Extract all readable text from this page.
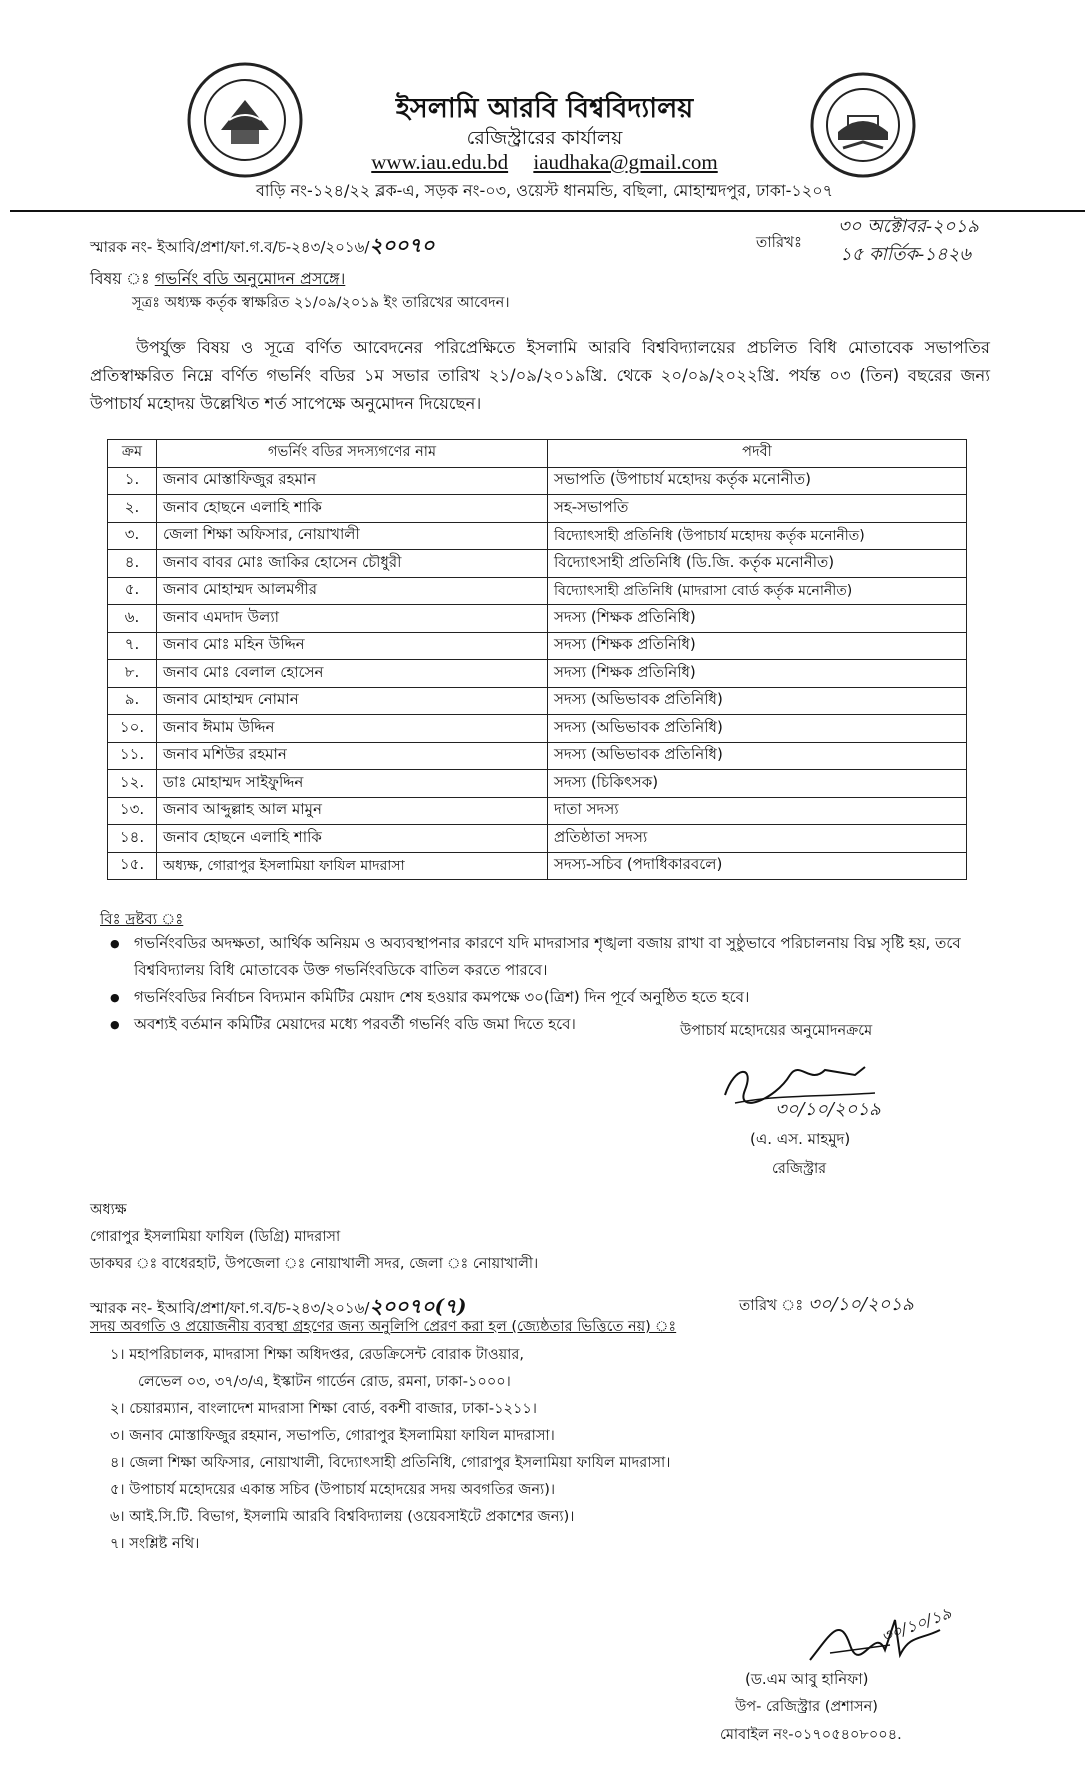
ইসলামি আরবি বিশ্ববিদ্যালয়
রেজিস্ট্রারের কার্যালয়
www.iau.edu.bd iaudhaka@gmail.com
বাড়ি নং-১২৪/২২ ব্লক-এ, সড়ক নং-০৩, ওয়েস্ট ধানমন্ডি, বছিলা, মোহাম্মদপুর, ঢাকা-১২০৭
স্মারক নং- ইআবি/প্রশা/ফা.গ.ব/চ-২৪৩/২০১৬/২০০৭০	তারিখঃ
৩০ অক্টোবর-২০১৯
১৫ কার্তিক-১৪২৬
বিষয় ঃ গভর্নিং বডি অনুমোদন প্রসঙ্গে।
সূত্রঃ অধ্যক্ষ কর্তৃক স্বাক্ষরিত ২১/০৯/২০১৯ ইং তারিখের আবেদন।
উপর্যুক্ত বিষয় ও সূত্রে বর্ণিত আবেদনের পরিপ্রেক্ষিতে ইসলামি আরবি বিশ্ববিদ্যালয়ের প্রচলিত বিধি মোতাবেক সভাপতির প্রতিস্বাক্ষরিত নিম্নে বর্ণিত গভর্নিং বডির ১ম সভার তারিখ ২১/০৯/২০১৯খ্রি. থেকে ২০/০৯/২০২২খ্রি. পর্যন্ত ০৩ (তিন) বছরের জন্য উপাচার্য মহোদয় উল্লেখিত শর্ত সাপেক্ষে অনুমোদন দিয়েছেন।
ক্রম	গভর্নিং বডির সদস্যগণের নাম	পদবী
১.	জনাব মোস্তাফিজুর রহমান	সভাপতি (উপাচার্য মহোদয় কর্তৃক মনোনীত)
২.	জনাব হোছনে এলাহি শাকি	সহ-সভাপতি
৩.	জেলা শিক্ষা অফিসার, নোয়াখালী	বিদ্যোৎসাহী প্রতিনিধি (উপাচার্য মহোদয় কর্তৃক মনোনীত)
৪.	জনাব বাবর মোঃ জাকির হোসেন চৌধুরী	বিদ্যোৎসাহী প্রতিনিধি (ডি.জি. কর্তৃক মনোনীত)
৫.	জনাব মোহাম্মদ আলমগীর	বিদ্যোৎসাহী প্রতিনিধি (মাদরাসা বোর্ড কর্তৃক মনোনীত)
৬.	জনাব এমদাদ উল্যা	সদস্য (শিক্ষক প্রতিনিধি)
৭.	জনাব মোঃ মহিন উদ্দিন	সদস্য (শিক্ষক প্রতিনিধি)
৮.	জনাব মোঃ বেলাল হোসেন	সদস্য (শিক্ষক প্রতিনিধি)
৯.	জনাব মোহাম্মদ নোমান	সদস্য (অভিভাবক প্রতিনিধি)
১০.	জনাব ঈমাম উদ্দিন	সদস্য (অভিভাবক প্রতিনিধি)
১১.	জনাব মশিউর রহমান	সদস্য (অভিভাবক প্রতিনিধি)
১২.	ডাঃ মোহাম্মদ সাইফুদ্দিন	সদস্য (চিকিৎসক)
১৩.	জনাব আব্দুল্লাহ আল মামুন	দাতা সদস্য
১৪.	জনাব হোছনে এলাহি শাকি	প্রতিষ্ঠাতা সদস্য
১৫.	অধ্যক্ষ, গোরাপুর ইসলামিয়া ফাযিল মাদরাসা	সদস্য-সচিব (পদাধিকারবলে)
বিঃ দ্রষ্টব্য ঃ
● গভর্নিংবডির অদক্ষতা, আর্থিক অনিয়ম ও অব্যবস্থাপনার কারণে যদি মাদরাসার শৃঙ্খলা বজায় রাখা বা সুষ্ঠুভাবে পরিচালনায় বিঘ্ন সৃষ্টি হয়, তবে বিশ্ববিদ্যালয় বিধি মোতাবেক উক্ত গভর্নিংবডিকে বাতিল করতে পারবে।
● গভর্নিংবডির নির্বাচন বিদ্যমান কমিটির মেয়াদ শেষ হওয়ার কমপক্ষে ৩০(ত্রিশ) দিন পূর্বে অনুষ্ঠিত হতে হবে।
● অবশ্যই বর্তমান কমিটির মেয়াদের মধ্যে পরবর্তী গভর্নিং বডি জমা দিতে হবে।	উপাচার্য মহোদয়ের অনুমোদনক্রমে
৩০/১০/২০১৯
(এ. এস. মাহমুদ)
রেজিস্ট্রার
অধ্যক্ষ
গোরাপুর ইসলামিয়া ফাযিল (ডিগ্রি) মাদরাসা
ডাকঘর ঃ বাধেরহাট, উপজেলা ঃ নোয়াখালী সদর, জেলা ঃ নোয়াখালী।
স্মারক নং- ইআবি/প্রশা/ফা.গ.ব/চ-২৪৩/২০১৬/২০০৭০(৭)	তারিখ ঃ ৩০/১০/২০১৯
সদয় অবগতি ও প্রয়োজনীয় ব্যবস্থা গ্রহণের জন্য অনুলিপি প্রেরণ করা হল (জ্যেষ্ঠতার ভিত্তিতে নয়) ঃ
১। মহাপরিচালক, মাদরাসা শিক্ষা অধিদপ্তর, রেডক্রিসেন্ট বোরাক টাওয়ার,
লেভেল ০৩, ৩৭/৩/এ, ইস্কাটন গার্ডেন রোড, রমনা, ঢাকা-১০০০।
২। চেয়ারম্যান, বাংলাদেশ মাদরাসা শিক্ষা বোর্ড, বকশী বাজার, ঢাকা-১২১১।
৩। জনাব মোস্তাফিজুর রহমান, সভাপতি, গোরাপুর ইসলামিয়া ফাযিল মাদরাসা।
৪। জেলা শিক্ষা অফিসার, নোয়াখালী, বিদ্যোৎসাহী প্রতিনিধি, গোরাপুর ইসলামিয়া ফাযিল মাদরাসা।
৫। উপাচার্য মহোদয়ের একান্ত সচিব (উপাচার্য মহোদয়ের সদয় অবগতির জন্য)।
৬। আই.সি.টি. বিভাগ, ইসলামি আরবি বিশ্ববিদ্যালয় (ওয়েবসাইটে প্রকাশের জন্য)।
৭। সংশ্লিষ্ট নথি।
৩০/১০/১৯
(ড.এম আবু হানিফা)
উপ- রেজিস্ট্রার (প্রশাসন)
মোবাইল নং-০১৭০৫৪০৮০০৪.
